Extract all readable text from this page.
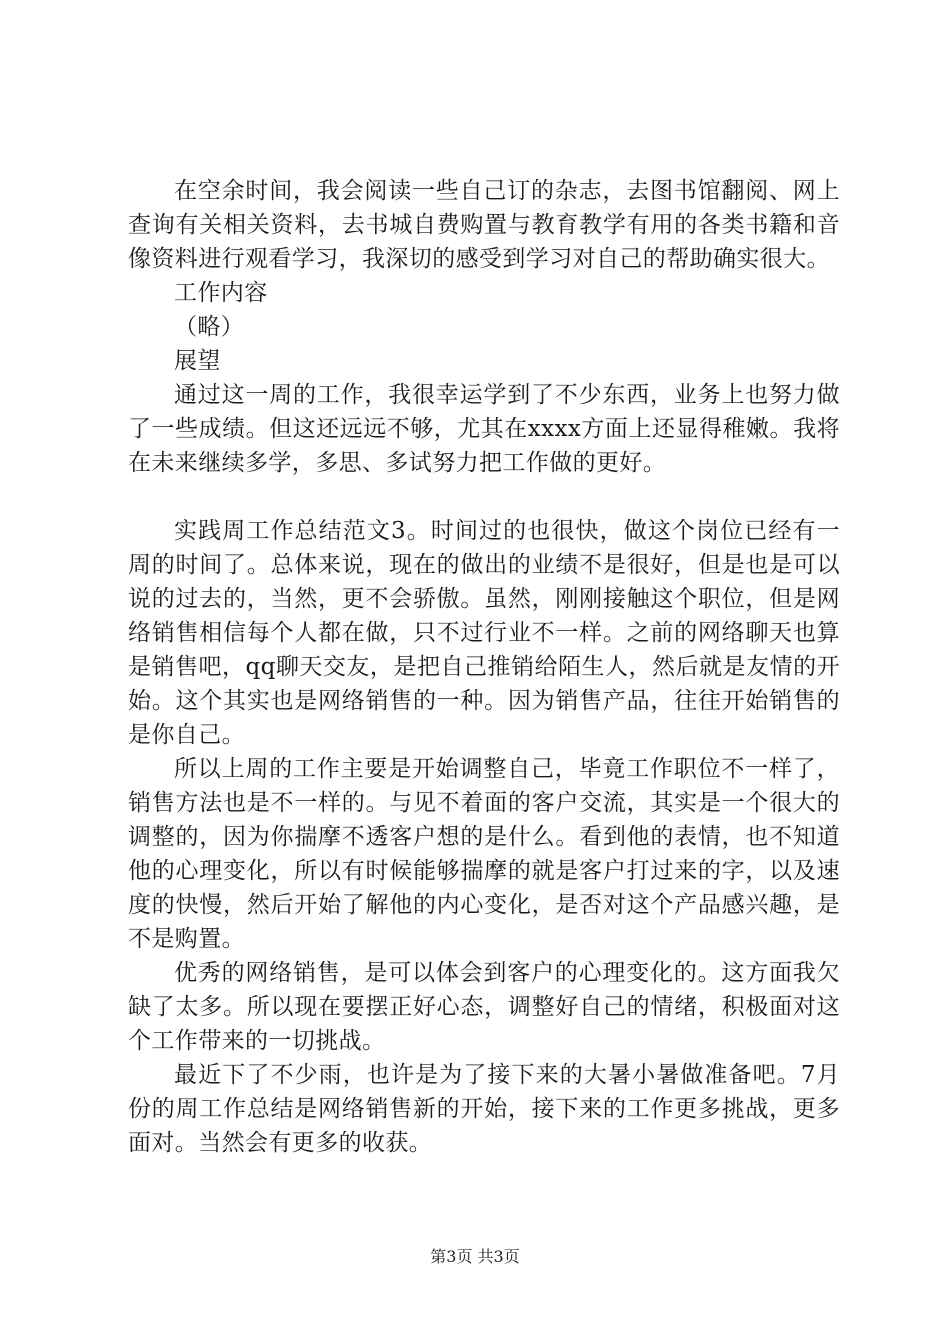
在空余时间，我会阅读一些自己订的杂志，去图书馆翻阅、网上查询有关相关资料，去书城自费购置与教育教学有用的各类书籍和音像资料进行观看学习，我深切的感受到学习对自己的帮助确实很大。

工作内容

（略）

展望

通过这一周的工作，我很幸运学到了不少东西，业务上也努力做了一些成绩。但这还远远不够，尤其在xxxx方面上还显得稚嫩。我将在未来继续多学，多思、多试努力把工作做的更好。

实践周工作总结范文3。时间过的也很快，做这个岗位已经有一周的时间了。总体来说，现在的做出的业绩不是很好，但是也是可以说的过去的，当然，更不会骄傲。虽然，刚刚接触这个职位，但是网络销售相信每个人都在做，只不过行业不一样。之前的网络聊天也算是销售吧，qq聊天交友，是把自己推销给陌生人，然后就是友情的开始。这个其实也是网络销售的一种。因为销售产品，往往开始销售的是你自己。

所以上周的工作主要是开始调整自己，毕竟工作职位不一样了，销售方法也是不一样的。与见不着面的客户交流，其实是一个很大的调整的，因为你揣摩不透客户想的是什么。看到他的表情，也不知道他的心理变化，所以有时候能够揣摩的就是客户打过来的字，以及速度的快慢，然后开始了解他的内心变化，是否对这个产品感兴趣，是不是购置。

优秀的网络销售，是可以体会到客户的心理变化的。这方面我欠缺了太多。所以现在要摆正好心态，调整好自己的情绪，积极面对这个工作带来的一切挑战。

最近下了不少雨，也许是为了接下来的大暑小暑做准备吧。7月份的周工作总结是网络销售新的开始，接下来的工作更多挑战，更多面对。当然会有更多的收获。

第3页 共3页
